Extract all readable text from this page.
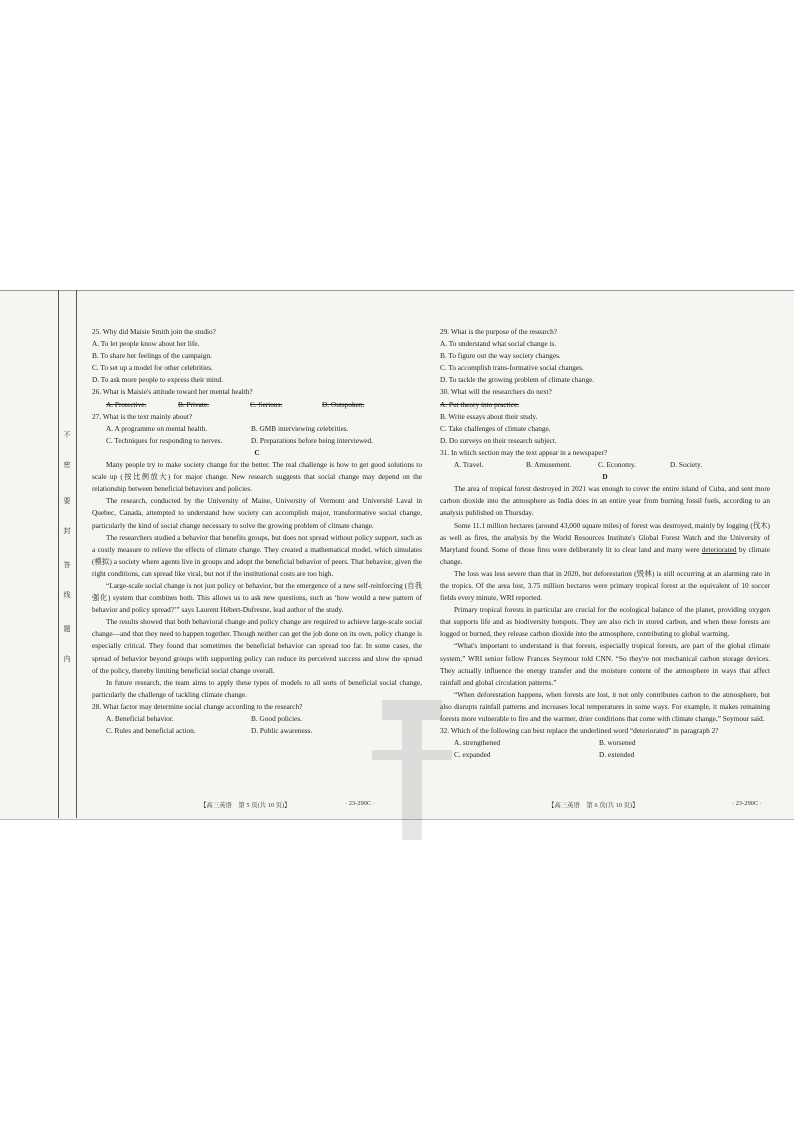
密
封
线
内
不
要
答
题

25. Why did Maisie Smith join the studio?

A. To let people know about her life.

B. To share her feelings of the campaign.

C. To set up a model for other celebrities.

D. To ask more people to express their mind.

26. What is Maisie's attitude toward her mental health?

A. Protective.	B. Private.	C. Serious.	D. Outspoken.

27. What is the text mainly about?

A. A programme on mental health.	B. GMB interviewing celebrities.
C. Techniques for responding to nerves.	D. Preparations before being interviewed.

C

Many people try to make society change for the better. The real challenge is how to get good solutions to scale up (按比例放大) for major change. New research suggests that social change may depend on the relationship between beneficial behaviors and policies.

The research, conducted by the University of Maine, University of Vermont and Université Laval in Quebec, Canada, attempted to understand how society can accomplish major, transformative social change, particularly the kind of social change necessary to solve the growing problem of climate change.

The researchers studied a behavior that benefits groups, but does not spread without policy support, such as a costly measure to relieve the effects of climate change. They created a mathematical model, which simulates (模拟) a society where agents live in groups and adopt the beneficial behavior of peers. That behavior, given the right conditions, can spread like viral, but not if the institutional costs are too high.

“Large-scale social change is not just policy or behavior, but the emergence of a new self-reinforcing (自我强化) system that combines both. This allows us to ask new questions, such as ‘how would a new pattern of behavior and policy spread?’” says Laurent Hébert-Dufresne, lead author of the study.

The results showed that both behavioral change and policy change are required to achieve large-scale social change—and that they need to happen together. Though neither can get the job done on its own, policy change is especially critical. They found that sometimes the beneficial behavior can spread too far. In some cases, the spread of behavior beyond groups with supporting policy can reduce its perceived success and slow the spread of the policy, thereby limiting beneficial social change overall.

In future research, the team aims to apply these types of models to all sorts of beneficial social change, particularly the challenge of tackling climate change.

28. What factor may determine social change according to the research?

A. Beneficial behavior.	B. Good policies.
C. Rules and beneficial action.	D. Public awareness.

29. What is the purpose of the research?

A. To understand what social change is.

B. To figure out the way society changes.

C. To accomplish trans-formative social changes.

D. To tackle the growing problem of climate change.

30. What will the researchers do next?

A. Put theory into practice.

B. Write essays about their study.

C. Take challenges of climate change.

D. Do surveys on their research subject.

31. In which section may the text appear in a newspaper?

A. Travel.	B. Amusement.	C. Economy.	D. Society.

D

The area of tropical forest destroyed in 2021 was enough to cover the entire island of Cuba, and sent more carbon dioxide into the atmosphere as India does in an entire year from burning fossil fuels, according to an analysis published on Thursday.

Some 11.1 million hectares (around 43,000 square miles) of forest was destroyed, mainly by logging (伐木) as well as fires, the analysis by the World Resources Institute's Global Forest Watch and the University of Maryland found. Some of those fires were deliberately lit to clear land and many were deteriorated by climate change.

The loss was less severe than that in 2020, but deforestation (毁林) is still occurring at an alarming rate in the tropics. Of the area lost, 3.75 million hectares were primary tropical forest at the equivalent of 10 soccer fields every minute, WRI reported.

Primary tropical forests in particular are crucial for the ecological balance of the planet, providing oxygen that supports life and as biodiversity hotspots. They are also rich in stored carbon, and when these forests are logged or burned, they release carbon dioxide into the atmosphere, contributing to global warming.

“What's important to understand is that forests, especially tropical forests, are part of the global climate system,” WRI senior fellow Frances Seymour told CNN. “So they're not mechanical carbon storage devices. They actually influence the energy transfer and the moisture content of the atmosphere in ways that affect rainfall and global circulation patterns.”

“When deforestation happens, when forests are lost, it not only contributes carbon to the atmosphere, but also disrupts rainfall patterns and increases local temperatures in some ways. For example, it makes remaining forests more vulnerable to fire and the warmer, drier conditions that come with climate change,” Seymour said.

32. Which of the following can best replace the underlined word “deteriorated” in paragraph 2?

A. strengthened	B. worsened
C. expanded	D. extended
【高三英语　第 5 页(共 10 页)】	· 23-290C ·	【高三英语　第 6 页(共 10 页)】	· 23-290C ·
